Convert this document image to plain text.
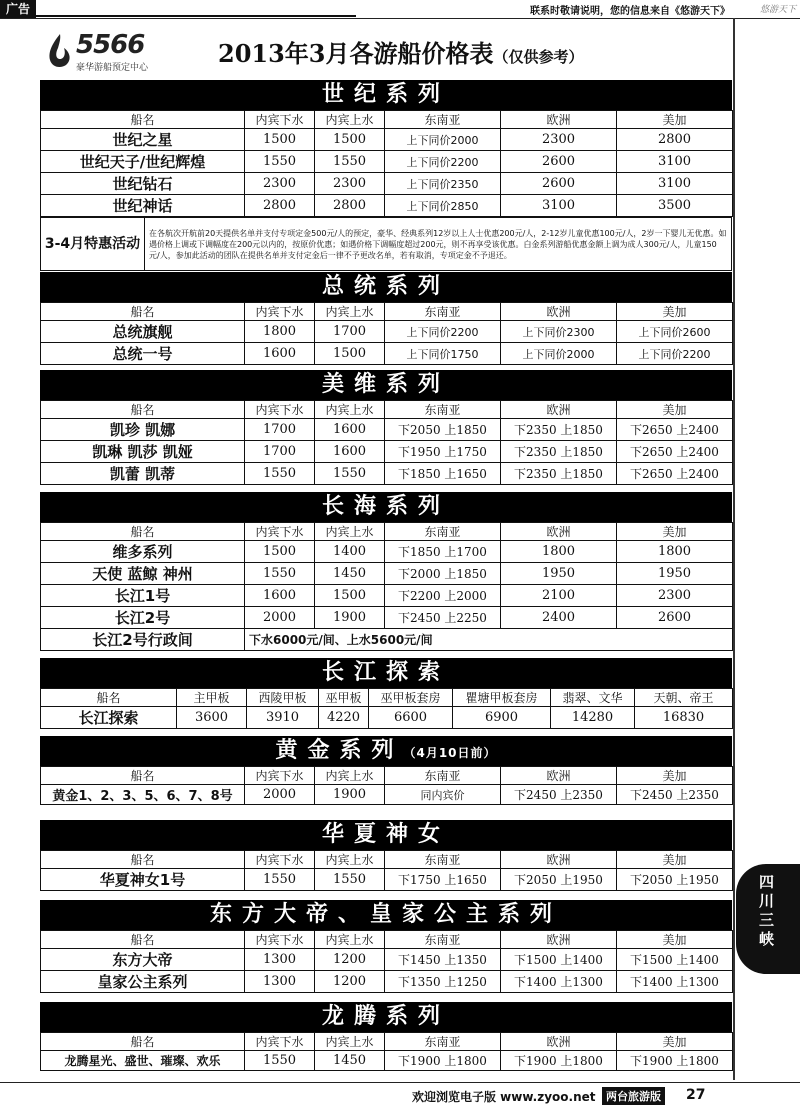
广告	联系时敬请说明，您的信息来自《悠游天下》	悠游天下
5566
豪华游船预定中心	2013年3月各游船价格表（仅供参考）
世纪系列
船名	内宾下水	内宾上水	东南亚	欧洲	美加
世纪之星	1500	1500	上下同价2000	2300	2800
世纪天子/世纪辉煌	1550	1550	上下同价2200	2600	3100
世纪钻石	2300	2300	上下同价2350	2600	3100
世纪神话	2800	2800	上下同价2850	3100	3500
3-4月特惠活动	在各航次开航前20天提供名单并支付专项定金500元/人的预定，豪华、经典系列12岁以上人士优惠200元/人，2-12岁儿童优惠100元/人，2岁一下婴儿无优惠。如遇价格上调或下调幅度在200元以内的，按原价优惠；如遇价格下调幅度超过200元，则不再享受该优惠。白金系列游船优惠金额上调为成人300元/人，儿童150元/人，参加此活动的团队在提供名单并支付定金后一律不予更改名单，若有取消，专项定金不予退还。
总统系列
船名	内宾下水	内宾上水	东南亚	欧洲	美加
总统旗舰	1800	1700	上下同价2200	上下同价2300	上下同价2600
总统一号	1600	1500	上下同价1750	上下同价2000	上下同价2200
美维系列
船名	内宾下水	内宾上水	东南亚	欧洲	美加
凯珍 凯娜	1700	1600	下2050 上1850	下2350 上1850	下2650 上2400
凯琳 凯莎 凯娅	1700	1600	下1950 上1750	下2350 上1850	下2650 上2400
凯蕾 凯蒂	1550	1550	下1850 上1650	下2350 上1850	下2650 上2400
长海系列
船名	内宾下水	内宾上水	东南亚	欧洲	美加
维多系列	1500	1400	下1850 上1700	1800	1800
天使 蓝鲸 神州	1550	1450	下2000 上1850	1950	1950
长江1号	1600	1500	下2200 上2000	2100	2300
长江2号	2000	1900	下2450 上2250	2400	2600
长江2号行政间	下水6000元/间、上水5600元/间				
长江探索
船名	主甲板	西陵甲板	巫甲板	巫甲板套房	瞿塘甲板套房	翡翠、文华	天朝、帝王
长江探索	3600	3910	4220	6600	6900	14280	16830
黄金系列（4月10日前）
船名	内宾下水	内宾上水	东南亚	欧洲	美加
黄金1、2、3、5、6、7、8号	2000	1900	同内宾价	下2450 上2350	下2450 上2350
华夏神女
船名	内宾下水	内宾上水	东南亚	欧洲	美加
华夏神女1号	1550	1550	下1750 上1650	下2050 上1950	下2050 上1950
东方大帝、皇家公主系列
船名	内宾下水	内宾上水	东南亚	欧洲	美加
东方大帝	1300	1200	下1450 上1350	下1500 上1400	下1500 上1400
皇家公主系列	1300	1200	下1350 上1250	下1400 上1300	下1400 上1300
龙腾系列
船名	内宾下水	内宾上水	东南亚	欧洲	美加
龙腾星光、盛世、璀璨、欢乐	1550	1450	下1900 上1800	下1900 上1800	下1900 上1800
四川三峡
欢迎浏览电子版 www.zyoo.net 两台旅游版 27
